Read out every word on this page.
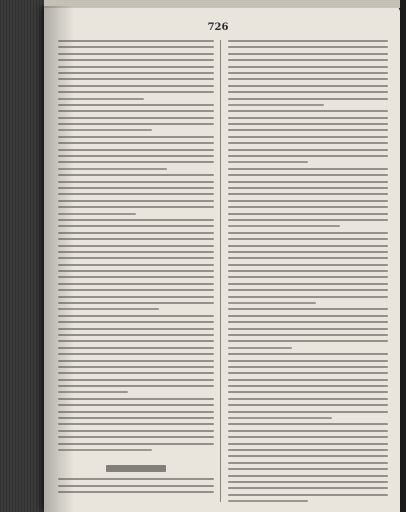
726
